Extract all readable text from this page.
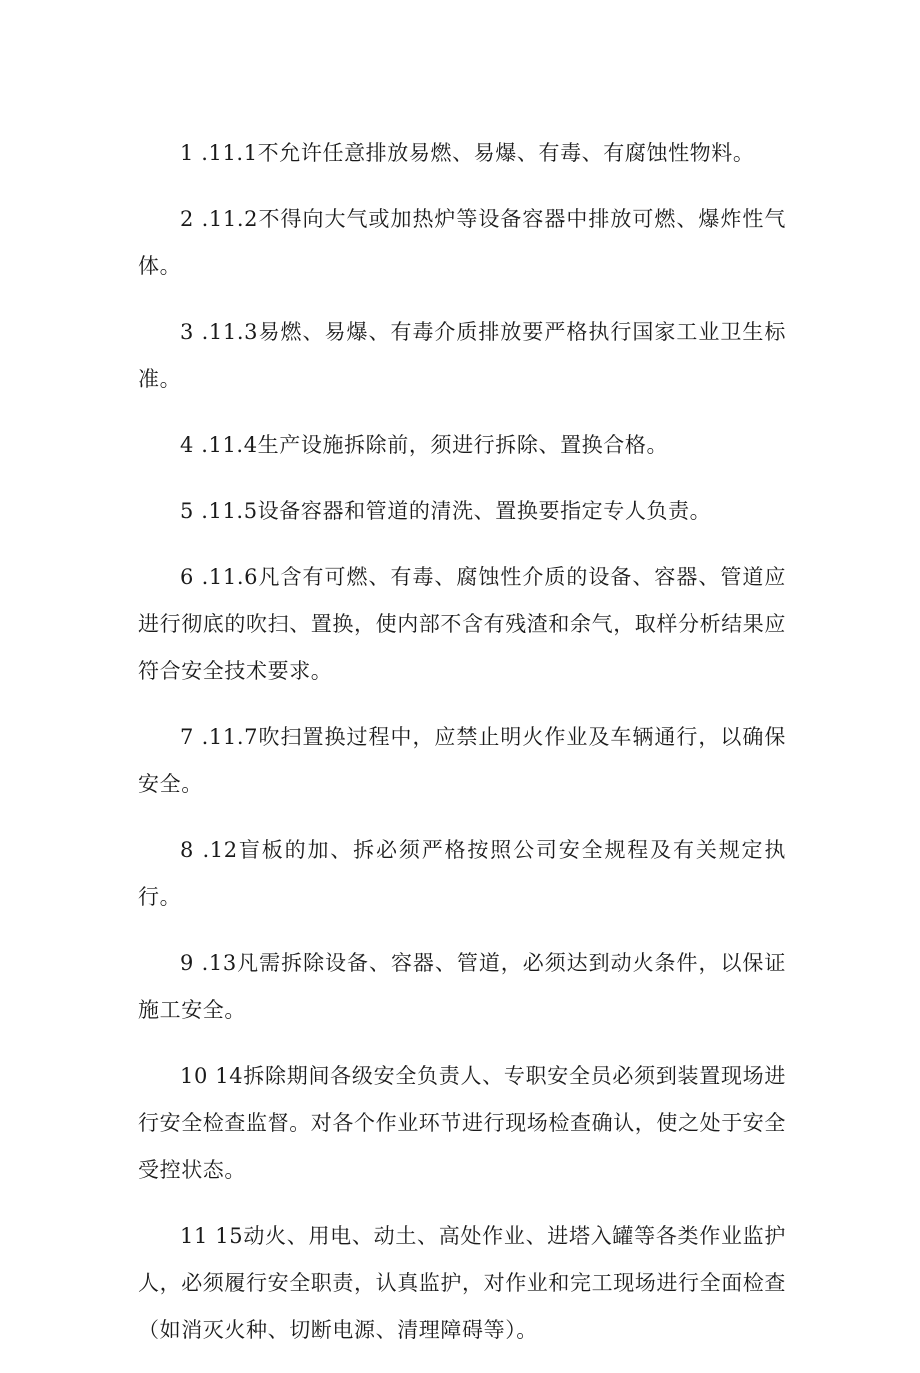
1 .11.1不允许任意排放易燃、易爆、有毒、有腐蚀性物料。

2 .11.2不得向大气或加热炉等设备容器中排放可燃、爆炸性气体。

3 .11.3易燃、易爆、有毒介质排放要严格执行国家工业卫生标准。

4 .11.4生产设施拆除前，须进行拆除、置换合格。

5 .11.5设备容器和管道的清洗、置换要指定专人负责。

6 .11.6凡含有可燃、有毒、腐蚀性介质的设备、容器、管道应进行彻底的吹扫、置换，使内部不含有残渣和余气，取样分析结果应符合安全技术要求。

7 .11.7吹扫置换过程中，应禁止明火作业及车辆通行，以确保安全。

8 .12盲板的加、拆必须严格按照公司安全规程及有关规定执行。

9 .13凡需拆除设备、容器、管道，必须达到动火条件，以保证施工安全。

10 14拆除期间各级安全负责人、专职安全员必须到装置现场进行安全检查监督。对各个作业环节进行现场检查确认，使之处于安全受控状态。

11 15动火、用电、动土、高处作业、进塔入罐等各类作业监护人，必须履行安全职责，认真监护，对作业和完工现场进行全面检查（如消灭火种、切断电源、清理障碍等）。
